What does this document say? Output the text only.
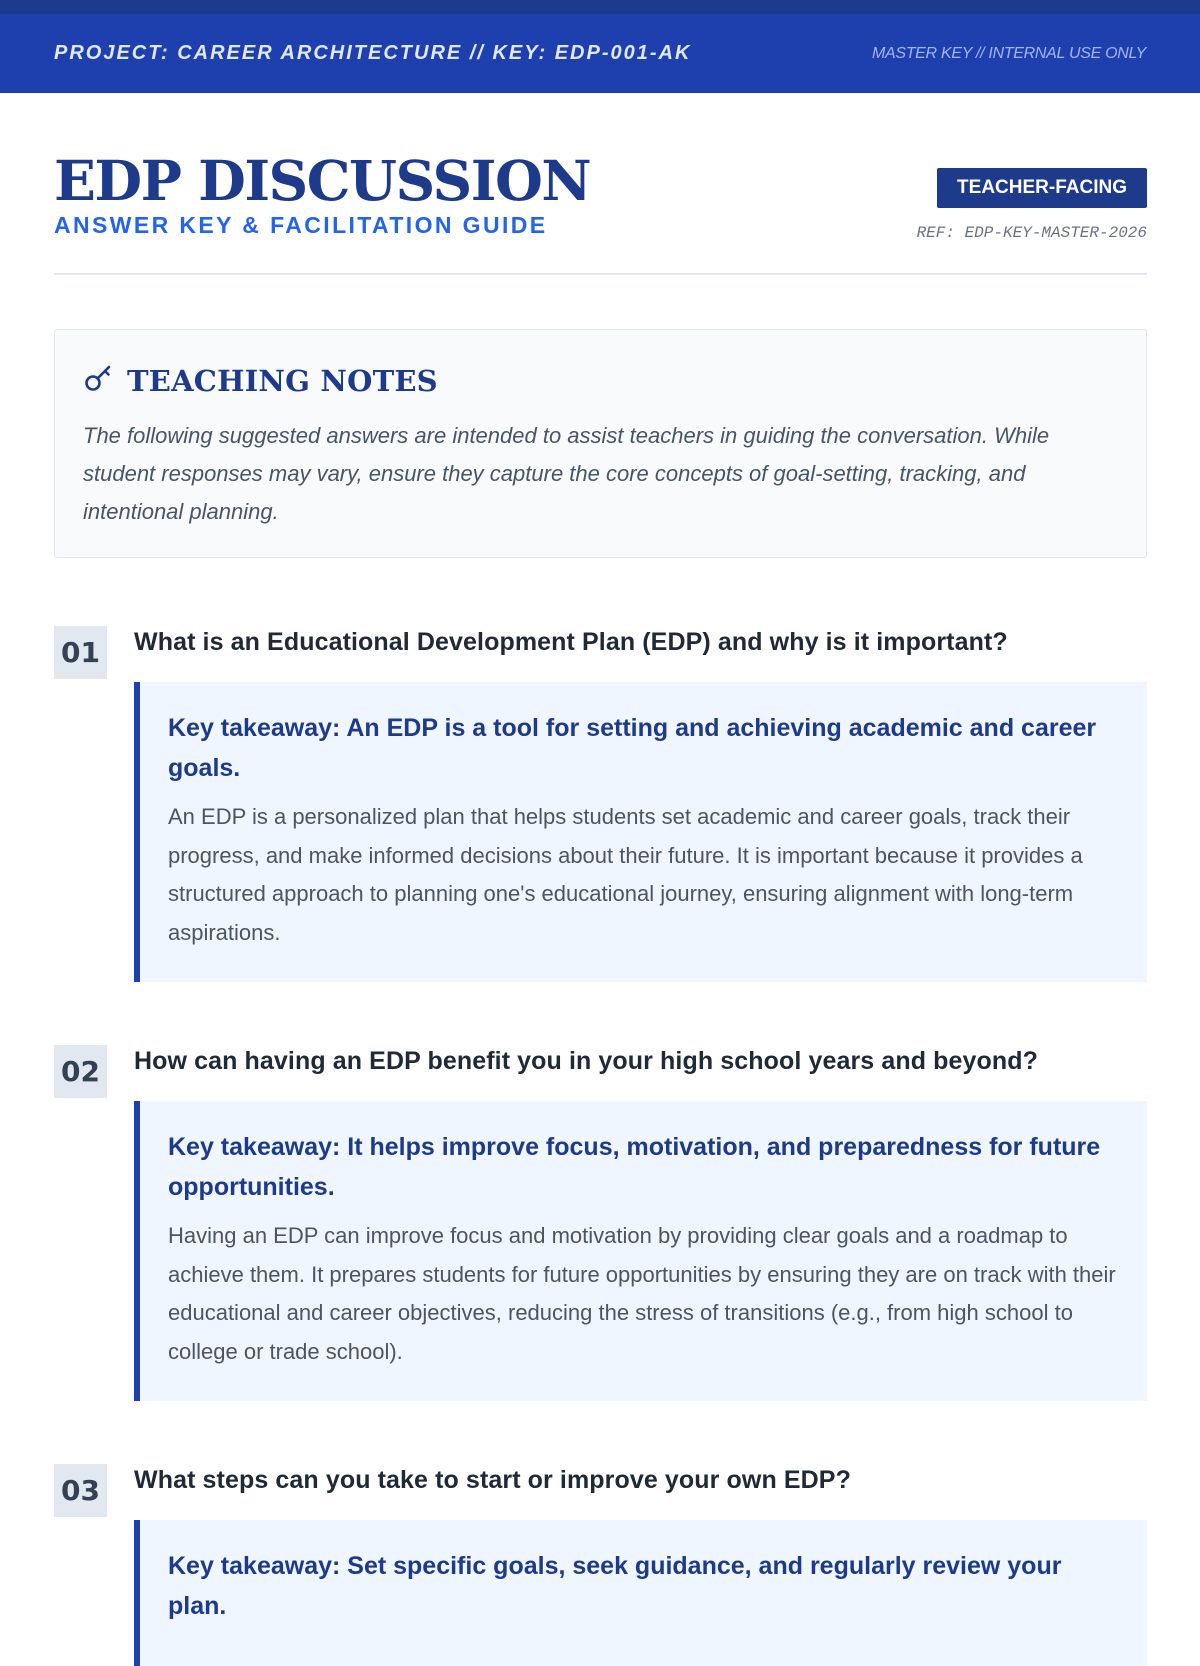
PROJECT: CAREER ARCHITECTURE // KEY: EDP-001-AK	MASTER KEY // INTERNAL USE ONLY
EDP DISCUSSION
ANSWER KEY & FACILITATION GUIDE
TEACHER-FACING
REF: EDP-KEY-MASTER-2026
TEACHING NOTES
The following suggested answers are intended to assist teachers in guiding the conversation. While student responses may vary, ensure they capture the core concepts of goal-setting, tracking, and intentional planning.
01 What is an Educational Development Plan (EDP) and why is it important?
Key takeaway: An EDP is a tool for setting and achieving academic and career goals.
An EDP is a personalized plan that helps students set academic and career goals, track their progress, and make informed decisions about their future. It is important because it provides a structured approach to planning one's educational journey, ensuring alignment with long-term aspirations.
02 How can having an EDP benefit you in your high school years and beyond?
Key takeaway: It helps improve focus, motivation, and preparedness for future opportunities.
Having an EDP can improve focus and motivation by providing clear goals and a roadmap to achieve them. It prepares students for future opportunities by ensuring they are on track with their educational and career objectives, reducing the stress of transitions (e.g., from high school to college or trade school).
03 What steps can you take to start or improve your own EDP?
Key takeaway: Set specific goals, seek guidance, and regularly review your plan.
